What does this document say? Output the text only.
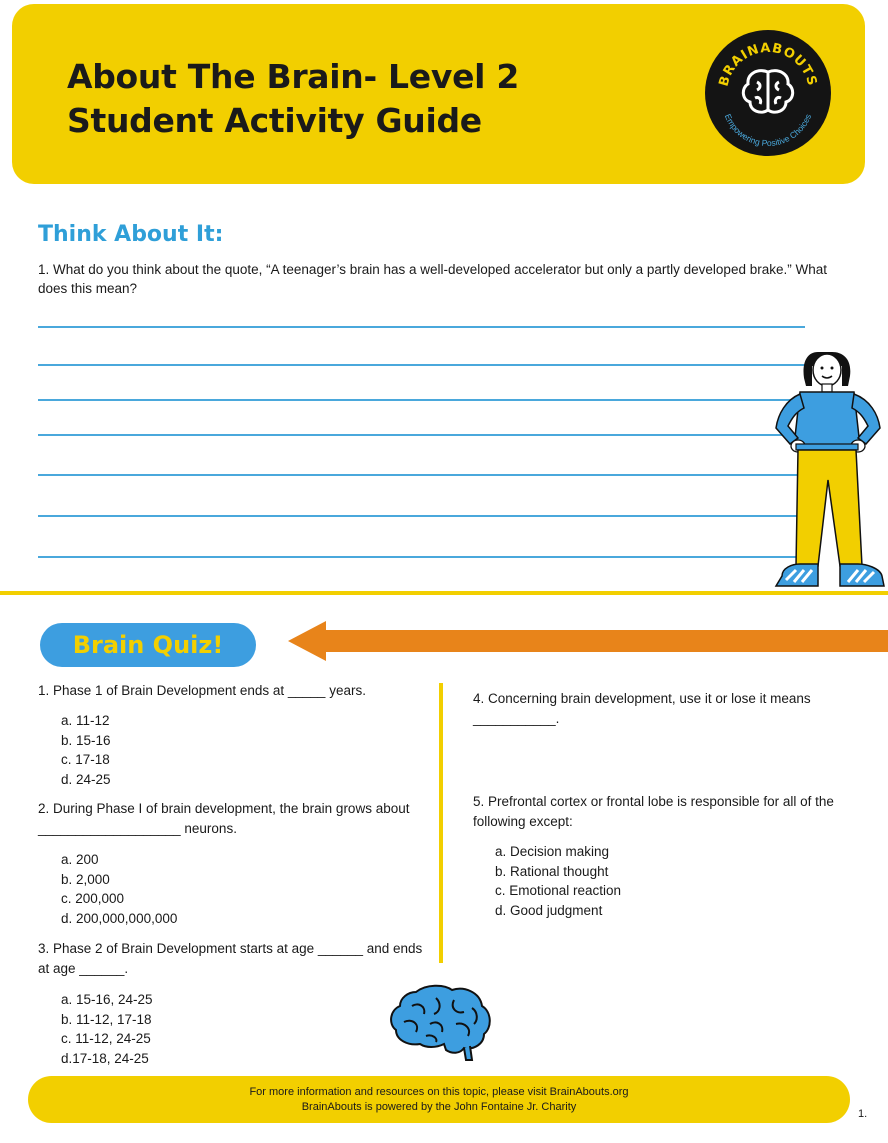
About The Brain- Level 2
Student Activity Guide
BRAINABOUTS
Empowering Positive Choices
Think About It:
1. What do you think about the quote, “A teenager’s brain has a well-developed accelerator but only a partly developed brake.” What does this mean?
Brain Quiz!
1. Phase 1 of Brain Development ends at _____ years.
a. 11-12
b. 15-16
c. 17-18
d. 24-25
2. During Phase I of brain development, the brain grows about ___________________ neurons.
a. 200
b. 2,000
c. 200,000
d. 200,000,000,000
3. Phase 2 of Brain Development starts at age ______ and ends at age ______.
a. 15-16, 24-25
b. 11-12, 17-18
c. 11-12, 24-25
d.17-18, 24-25
4. Concerning brain development, use it or lose it means ___________.
5. Prefrontal cortex or frontal lobe is responsible for all of the following except:
a. Decision making
b. Rational thought
c. Emotional reaction
d. Good judgment
For more information and resources on this topic, please visit BrainAbouts.org
BrainAbouts is powered by the John Fontaine Jr. Charity
1.
